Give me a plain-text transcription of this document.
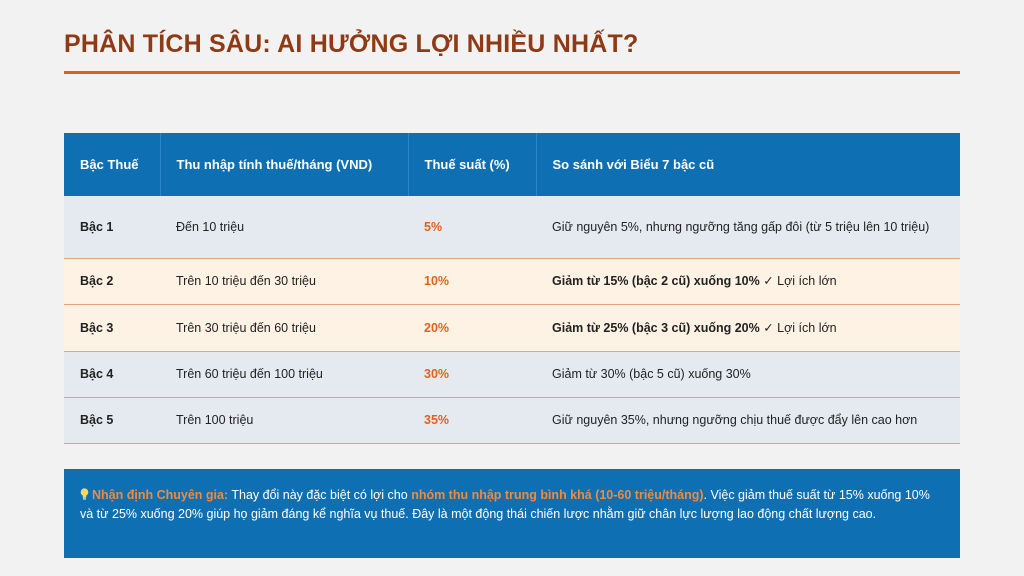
PHÂN TÍCH SÂU: AI HƯỞNG LỢI NHIỀU NHẤT?
Bậc Thuế	Thu nhập tính thuế/tháng (VND)	Thuế suất (%)	So sánh với Biểu 7 bậc cũ
Bậc 1	Đến 10 triệu	5%	Giữ nguyên 5%, nhưng ngưỡng tăng gấp đôi (từ 5 triệu lên 10 triệu)
Bậc 2	Trên 10 triệu đến 30 triệu	10%	Giảm từ 15% (bậc 2 cũ) xuống 10% ✓ Lợi ích lớn
Bậc 3	Trên 30 triệu đến 60 triệu	20%	Giảm từ 25% (bậc 3 cũ) xuống 20% ✓ Lợi ích lớn
Bậc 4	Trên 60 triệu đến 100 triệu	30%	Giảm từ 30% (bậc 5 cũ) xuống 30%
Bậc 5	Trên 100 triệu	35%	Giữ nguyên 35%, nhưng ngưỡng chịu thuế được đẩy lên cao hơn
Nhận định Chuyên gia: Thay đổi này đặc biệt có lợi cho nhóm thu nhập trung bình khá (10-60 triệu/tháng). Việc giảm thuế suất từ 15% xuống 10% và từ 25% xuống 20% giúp họ giảm đáng kể nghĩa vụ thuế. Đây là một động thái chiến lược nhằm giữ chân lực lượng lao động chất lượng cao.
